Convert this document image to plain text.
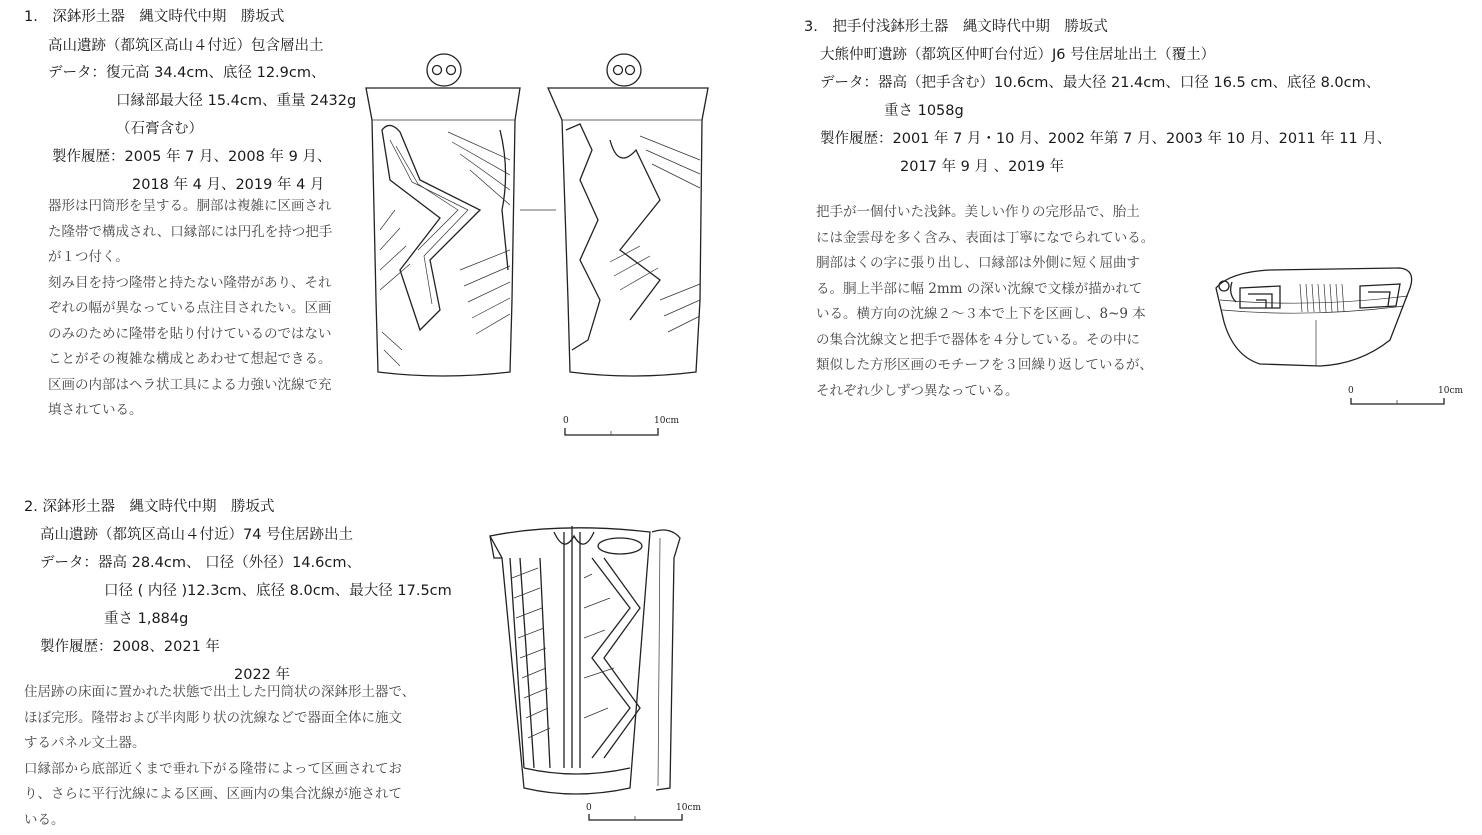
1.　深鉢形土器　縄文時代中期　勝坂式
高山遺跡（都筑区高山４付近）包含層出土
データ：復元高 34.4cm、底径 12.9cm、
口縁部最大径 15.4cm、重量 2432g
（石膏含む）
製作履歴：2005 年 7 月、2008 年 9 月、
2018 年 4 月、2019 年 4 月

器形は円筒形を呈する。胴部は複雑に区画され

た隆帯で構成され、口縁部には円孔を持つ把手

が１つ付く。

刻み目を持つ隆帯と持たない隆帯があり、それ

ぞれの幅が異なっている点注目されたい。区画

のみのために隆帯を貼り付けているのではない

ことがその複雑な構成とあわせて想起できる。

区画の内部はヘラ状工具による力強い沈線で充

填されている。

0	10cm
2. 深鉢形土器　縄文時代中期　勝坂式
高山遺跡（都筑区高山４付近）74 号住居跡出土
データ：器高 28.4cm、 口径（外径）14.6cm、
口径 ( 内径 )12.3cm、底径 8.0cm、最大径 17.5cm
重さ 1,884g
製作履歴：2008、2021 年
2022 年

住居跡の床面に置かれた状態で出土した円筒状の深鉢形土器で、

ほぼ完形。隆帯および半肉彫り状の沈線などで器面全体に施文

するパネル文土器。

口縁部から底部近くまで垂れ下がる隆帯によって区画されてお

り、さらに平行沈線による区画、区画内の集合沈線が施されて

いる。

0	10cm
3.　把手付浅鉢形土器　縄文時代中期　勝坂式
大熊仲町遺跡（都筑区仲町台付近）J6 号住居址出土（覆土）
データ：器高（把手含む）10.6cm、最大径 21.4cm、口径 16.5 cm、底径 8.0cm、
重さ 1058g
製作履歴：2001 年 7 月・10 月、2002 年第 7 月、2003 年 10 月、2011 年 11 月、
2017 年 9 月 、2019 年

把手が一個付いた浅鉢。美しい作りの完形品で、胎土

には金雲母を多く含み、表面は丁寧になでられている。

胴部はくの字に張り出し、口縁部は外側に短く屈曲す

る。胴上半部に幅 2mm の深い沈線で文様が描かれて

いる。横方向の沈線２～３本で上下を区画し、8~9 本

の集合沈線文と把手で器体を４分している。その中に

類似した方形区画のモチーフを３回繰り返しているが、

それぞれ少しずつ異なっている。	0	10cm
